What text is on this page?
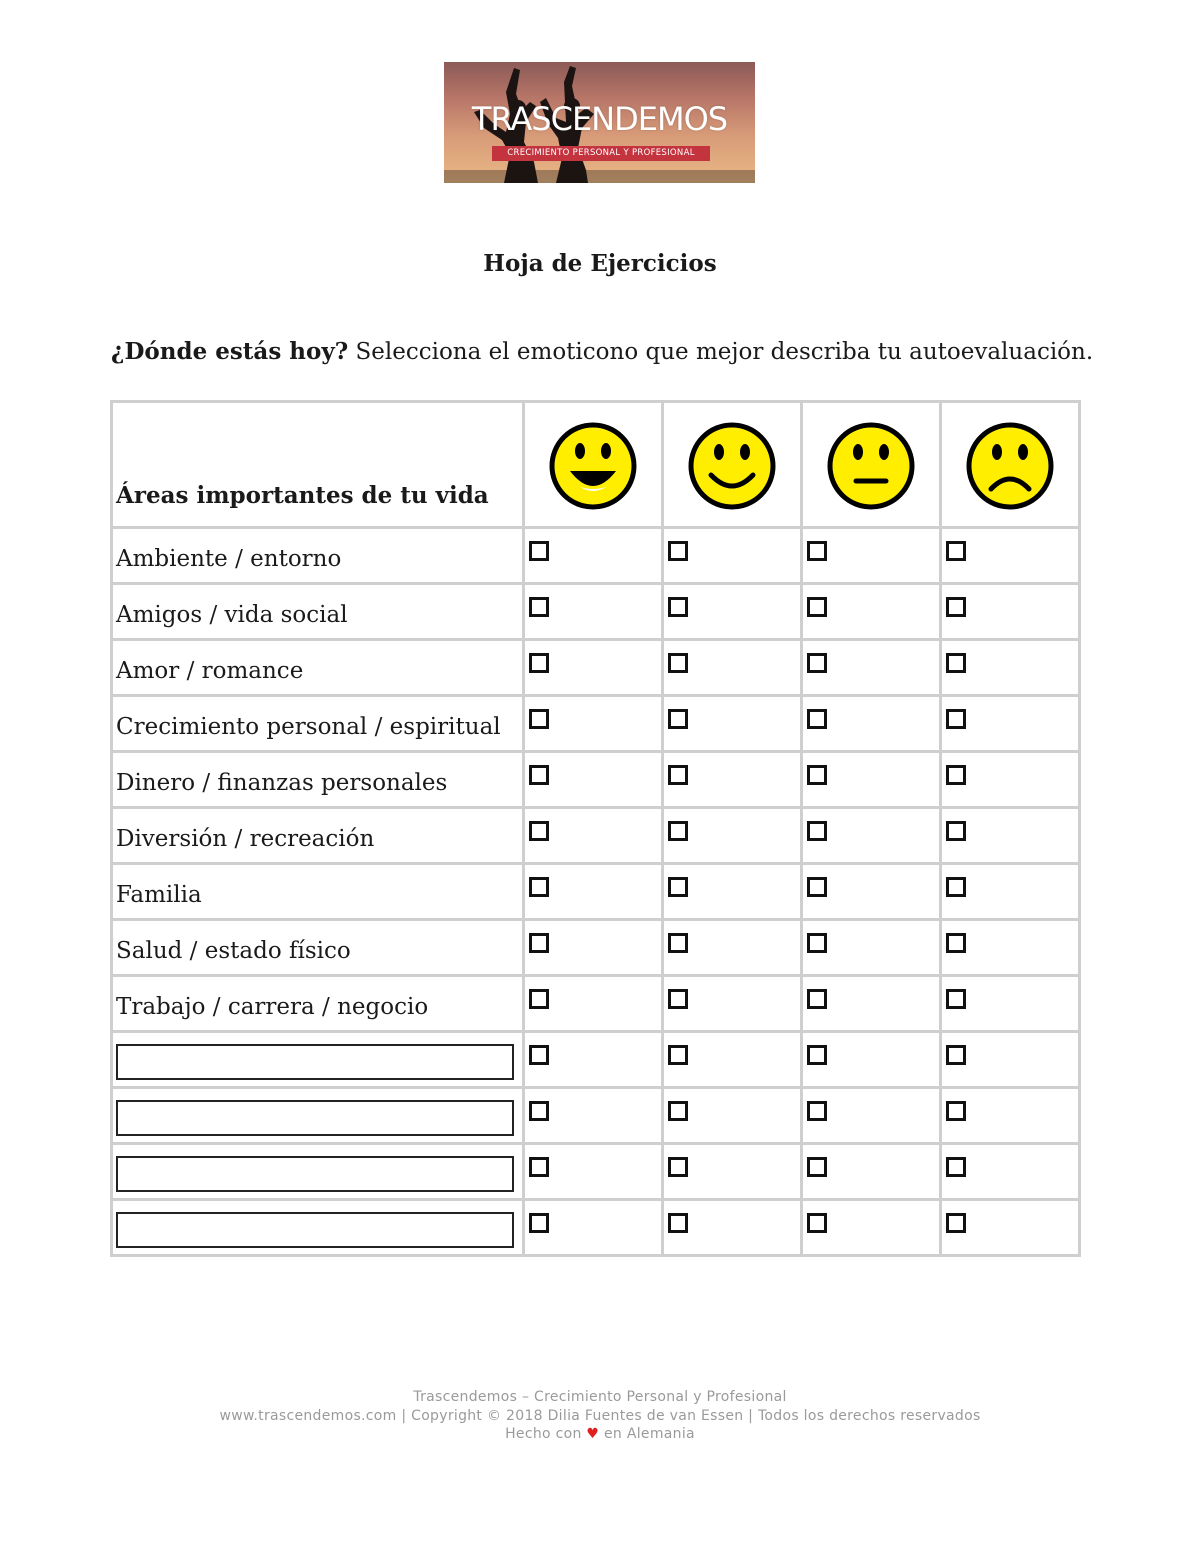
TRASCENDEMOS
CRECIMIENTO PERSONAL Y PROFESIONAL
Hoja de Ejercicios
¿Dónde estás hoy? Selecciona el emoticono que mejor describa tu autoevaluación.
Áreas importantes de tu vida

Ambiente / entorno				

Amigos / vida social				

Amor / romance				

Crecimiento personal / espiritual				

Dinero / finanzas personales				

Diversión / recreación				

Familia				

Salud / estado físico				

Trabajo / carrera / negocio				

Trascendemos – Crecimiento Personal y Profesional
www.trascendemos.com | Copyright © 2018 Dilia Fuentes de van Essen | Todos los derechos reservados
Hecho con ♥ en Alemania
